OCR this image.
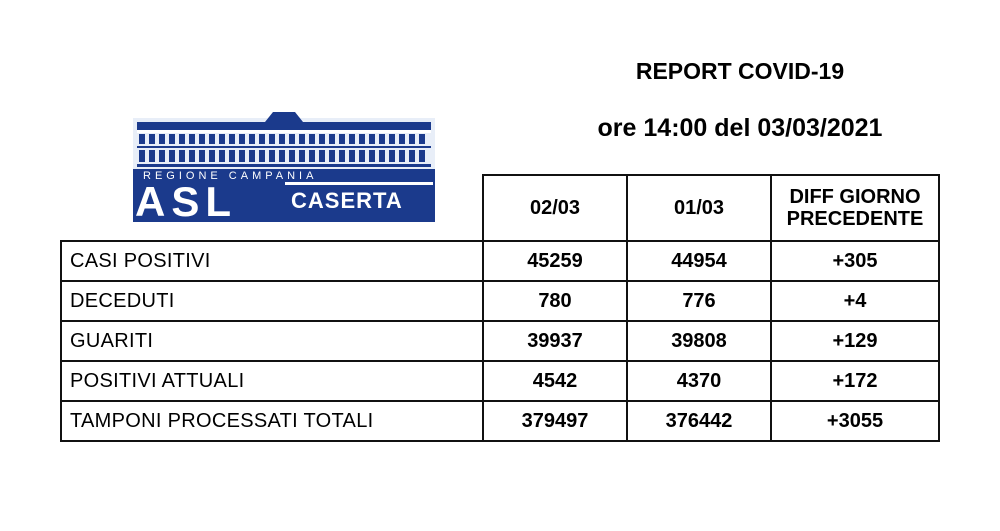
REPORT COVID-19
ore 14:00 del 03/03/2021
REGIONE CAMPANIA
ASL CASERTA
		02/03	01/03	DIFF GIORNO
PRECEDENTE
CASI POSITIVI	45259	44954	+305
DECEDUTI	780	776	+4
GUARITI	39937	39808	+129
POSITIVI ATTUALI	4542	4370	+172
TAMPONI PROCESSATI TOTALI	379497	376442	+3055
